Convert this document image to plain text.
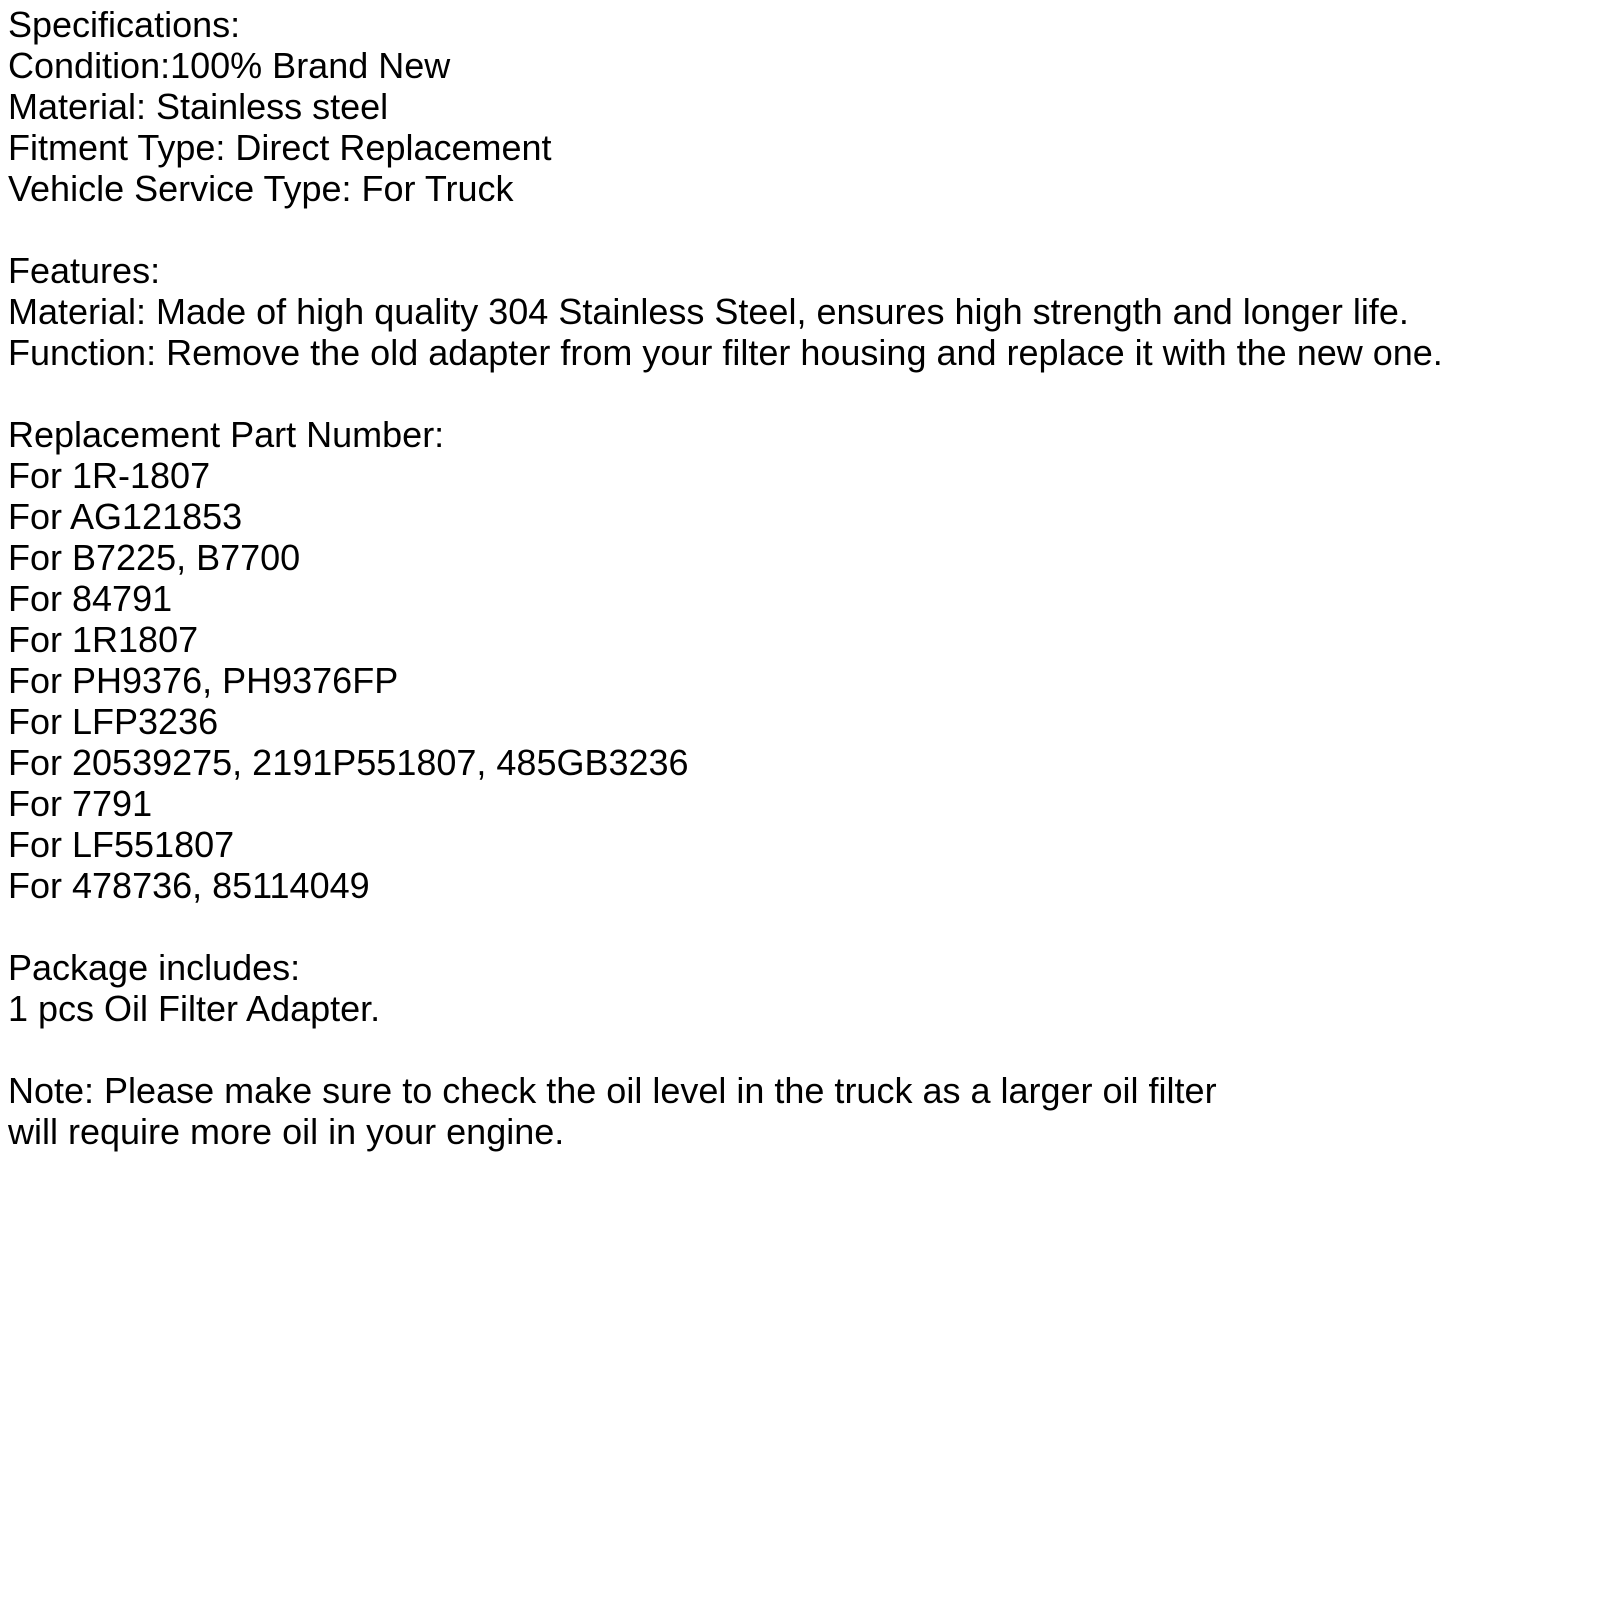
Specifications:
Condition:100% Brand New
Material: Stainless steel
Fitment Type: Direct Replacement
Vehicle Service Type: For Truck
Features:
Material: Made of high quality 304 Stainless Steel, ensures high strength and longer life.
Function: Remove the old adapter from your filter housing and replace it with the new one.
Replacement Part Number:
For 1R-1807
For AG121853
For B7225, B7700
For 84791
For 1R1807
For PH9376, PH9376FP
For LFP3236
For 20539275, 2191P551807, 485GB3236
For 7791
For LF551807
For 478736, 85114049
Package includes:
1 pcs Oil Filter Adapter.
Note: Please make sure to check the oil level in the truck as a larger oil filter
will require more oil in your engine.
